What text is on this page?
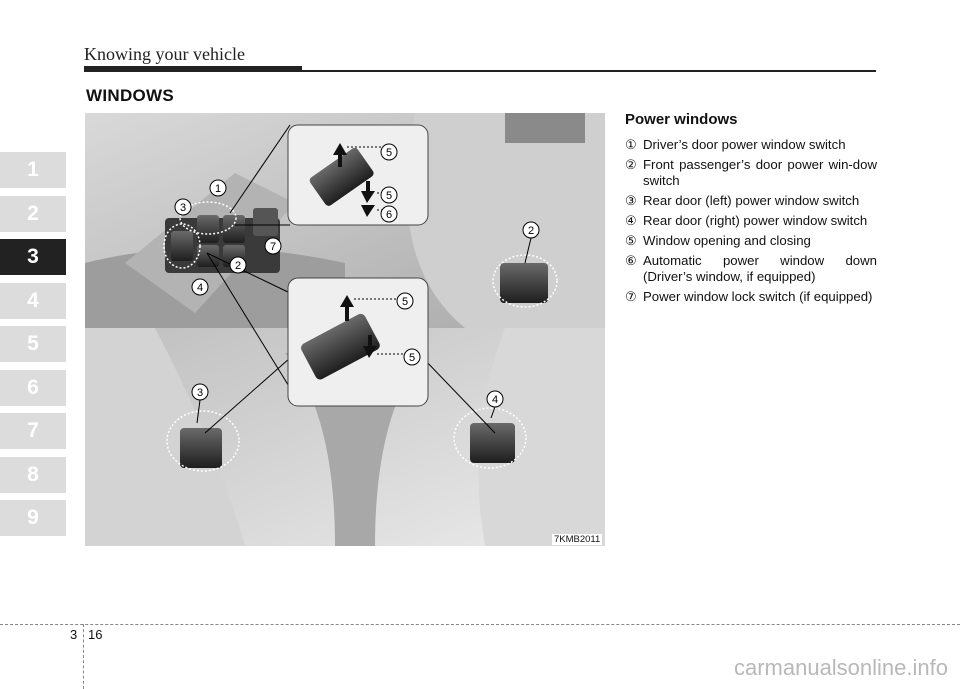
Knowing your vehicle
WINDOWS
1
2
3
4
5
6
7
8
9
1
3
2
4
7
2
3
4
5
5
6
5
5
7KMB2011
Power windows
① Driver’s door power window switch
② Front passenger’s door power win-dow switch
③ Rear door (left) power window switch
④ Rear door (right) power window switch
⑤ Window opening and closing
⑥ Automatic power window down (Driver’s window, if equipped)
⑦ Power window lock switch (if equipped)
3 16
carmanualsonline.info
